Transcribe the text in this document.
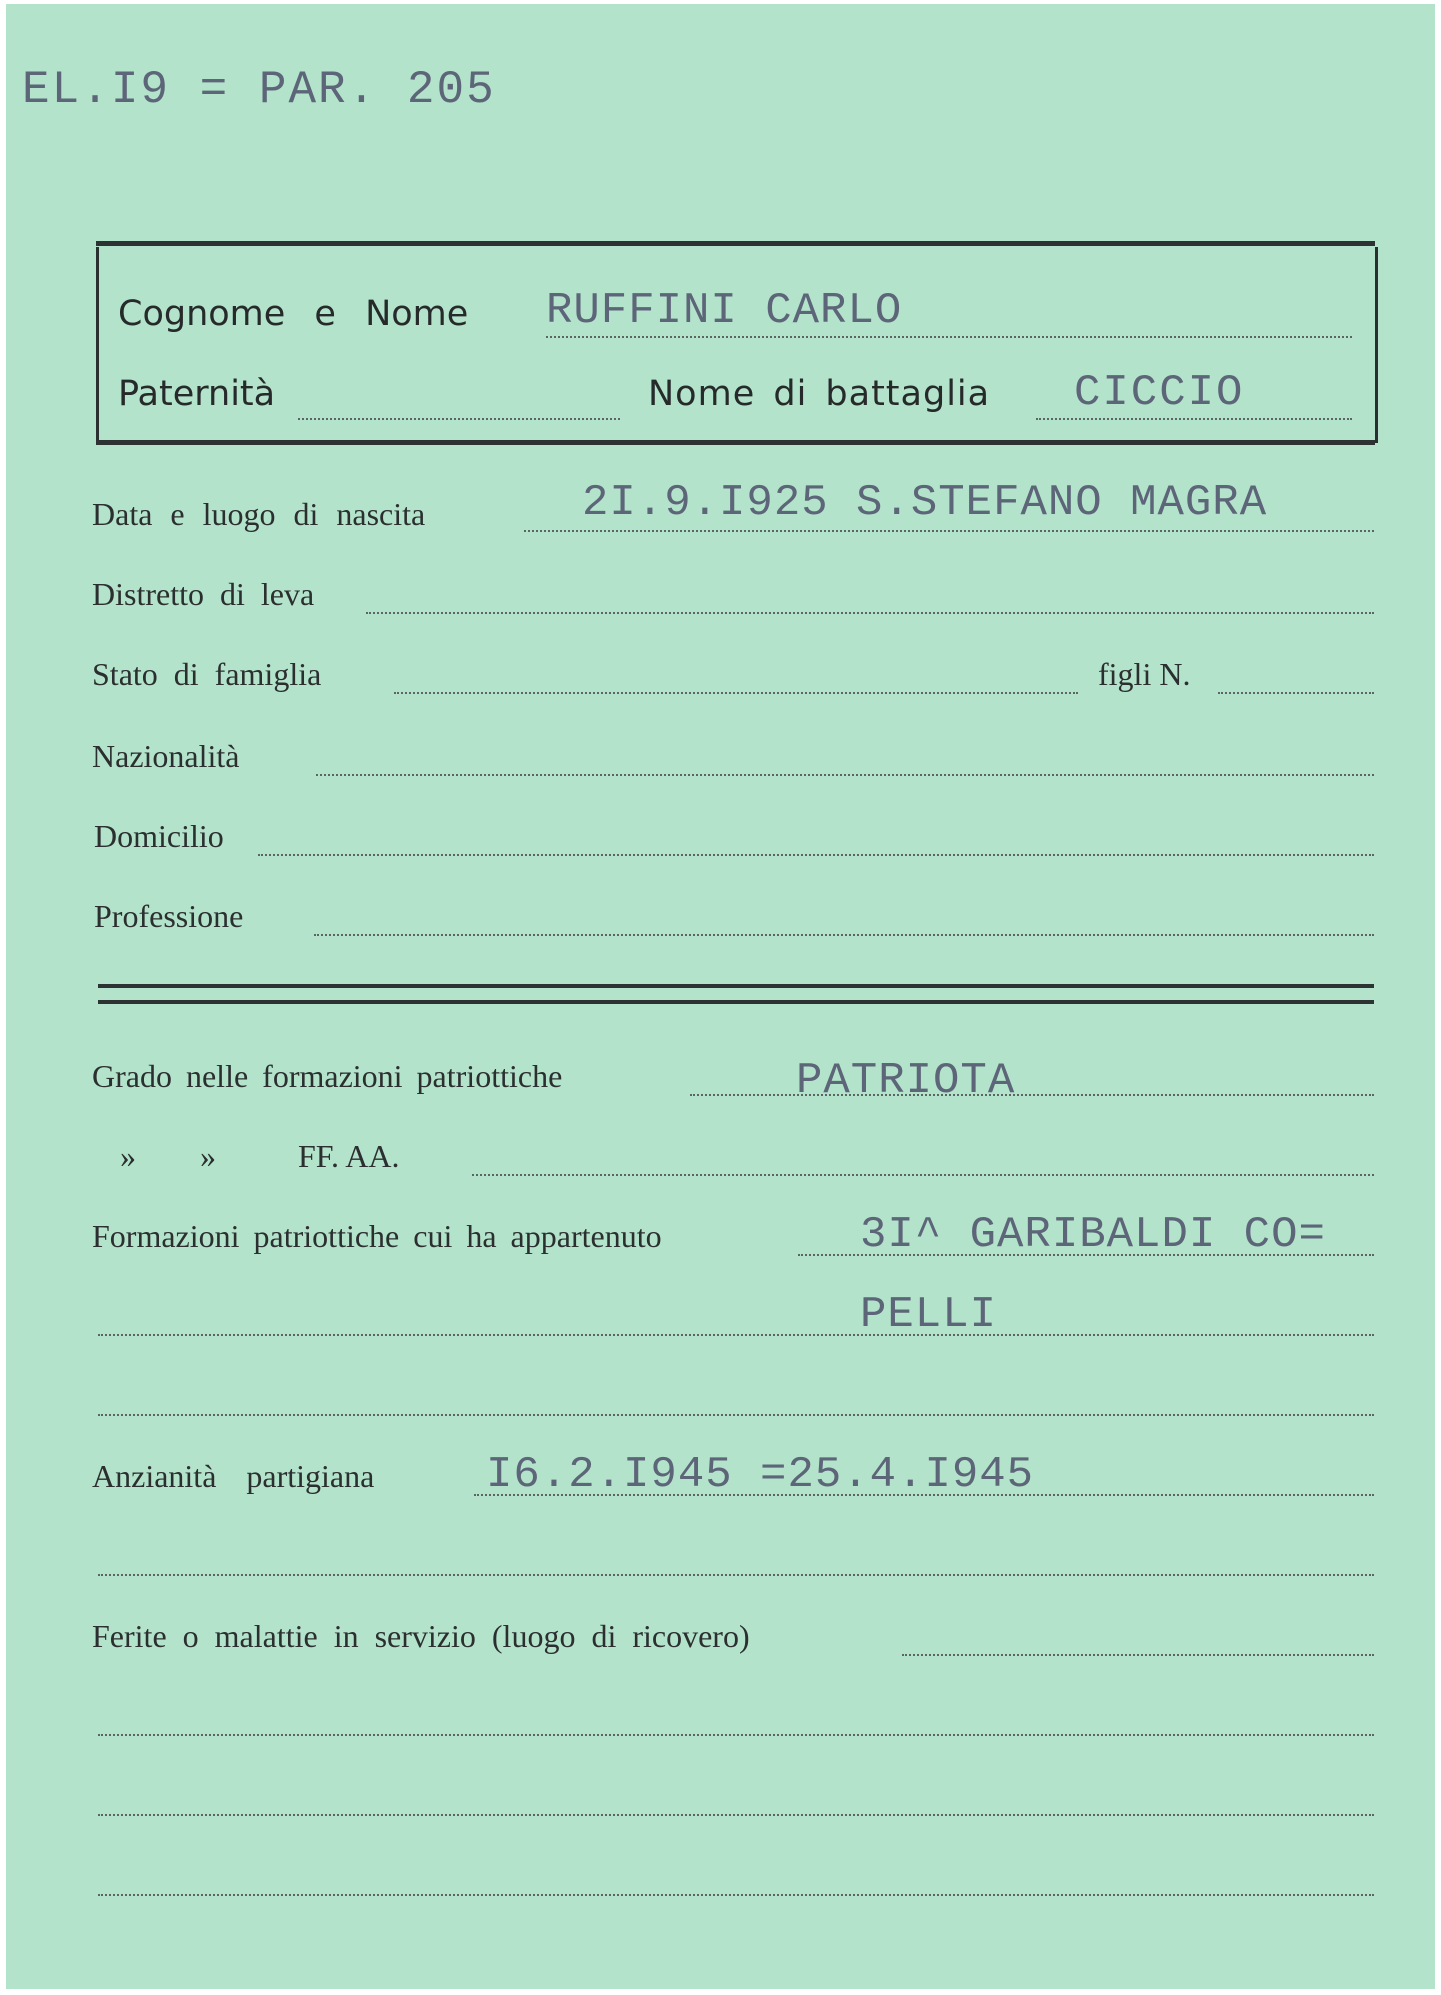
EL.I9 = PAR. 205
Cognome e Nome RUFFINI CARLO
Paternità	Nome di battaglia CICCIO
Data e luogo di nascita	2I.9.I925 S.STEFANO MAGRA
Distretto di leva
Stato di famiglia	figli N.
Nazionalità
Domicilio
Professione
Grado nelle formazioni patriottiche	PATRIOTA
»        »	FF. AA.
Formazioni patriottiche cui ha appartenuto	3I^ GARIBALDI CO=
PELLI
Anzianità partigiana	I6.2.I945 =25.4.I945
Ferite o malattie in servizio (luogo di ricovero)
